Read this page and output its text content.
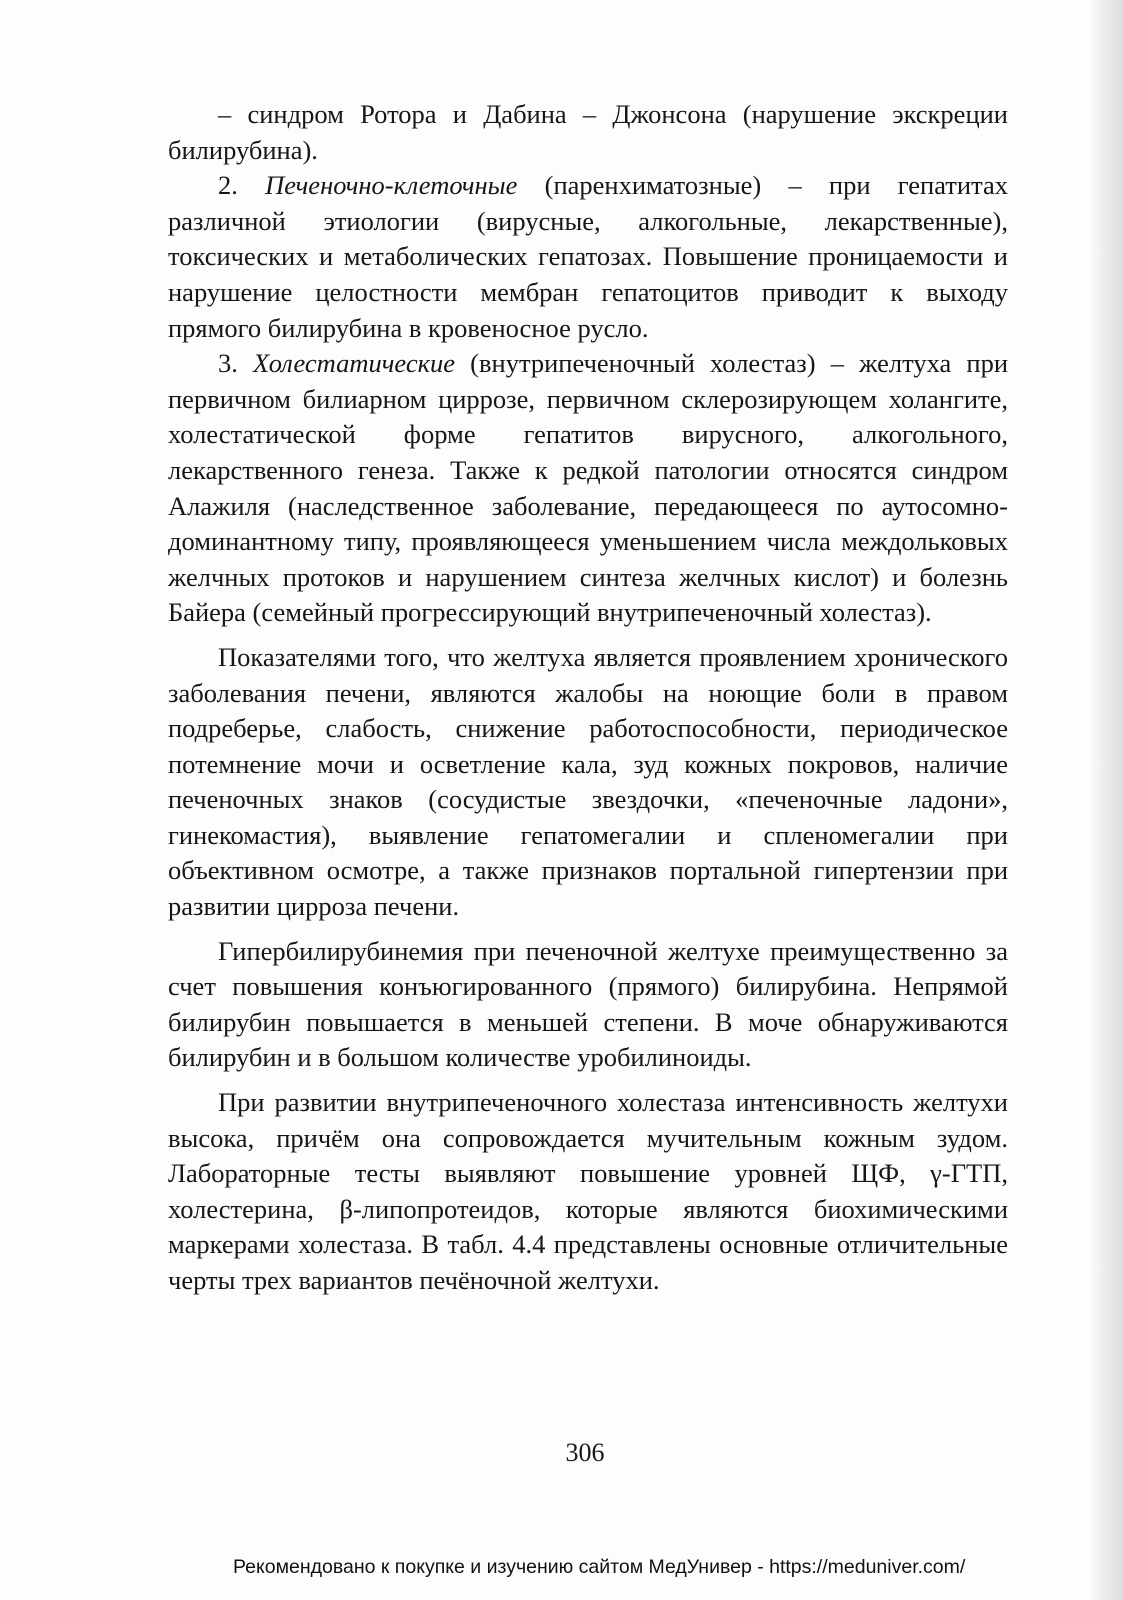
– синдром Ротора и Дабина – Джонсона (нарушение экскреции билирубина).

2. Печеночно-клеточные (паренхиматозные) – при гепатитах различной этиологии (вирусные, алкогольные, лекарственные), токсических и метаболических гепатозах. Повышение проницаемости и нарушение целостности мембран гепатоцитов приводит к выходу прямого билирубина в кровеносное русло.

3. Холестатические (внутрипеченочный холестаз) – желтуха при первичном билиарном циррозе, первичном склерозирующем холангите, холестатической форме гепатитов вирусного, алкогольного, лекарственного генеза. Также к редкой патологии относятся синдром Алажиля (наследственное заболевание, передающееся по аутосомно-доминантному типу, проявляющееся уменьшением числа междольковых желчных протоков и нарушением синтеза желчных кислот) и болезнь Байера (семейный прогрессирующий внутрипеченочный холестаз).

Показателями того, что желтуха является проявлением хронического заболевания печени, являются жалобы на ноющие боли в правом подреберье, слабость, снижение работоспособности, периодическое потемнение мочи и осветление кала, зуд кожных покровов, наличие печеночных знаков (сосудистые звездочки, «печеночные ладони», гинекомастия), выявление гепатомегалии и спленомегалии при объективном осмотре, а также признаков портальной гипертензии при развитии цирроза печени.

Гипербилирубинемия при печеночной желтухе преимущественно за счет повышения конъюгированного (прямого) билирубина. Непрямой билирубин повышается в меньшей степени. В моче обнаруживаются билирубин и в большом количестве уробилиноиды.

При развитии внутрипеченочного холестаза интенсивность желтухи высока, причём она сопровождается мучительным кожным зудом. Лабораторные тесты выявляют повышение уровней ЩФ, γ-ГТП, холестерина, β-липопротеидов, которые являются биохимическими маркерами холестаза. В табл. 4.4 представлены основные отличительные черты трех вариантов печёночной желтухи.

306
Рекомендовано к покупке и изучению сайтом МедУнивер - https://meduniver.com/
